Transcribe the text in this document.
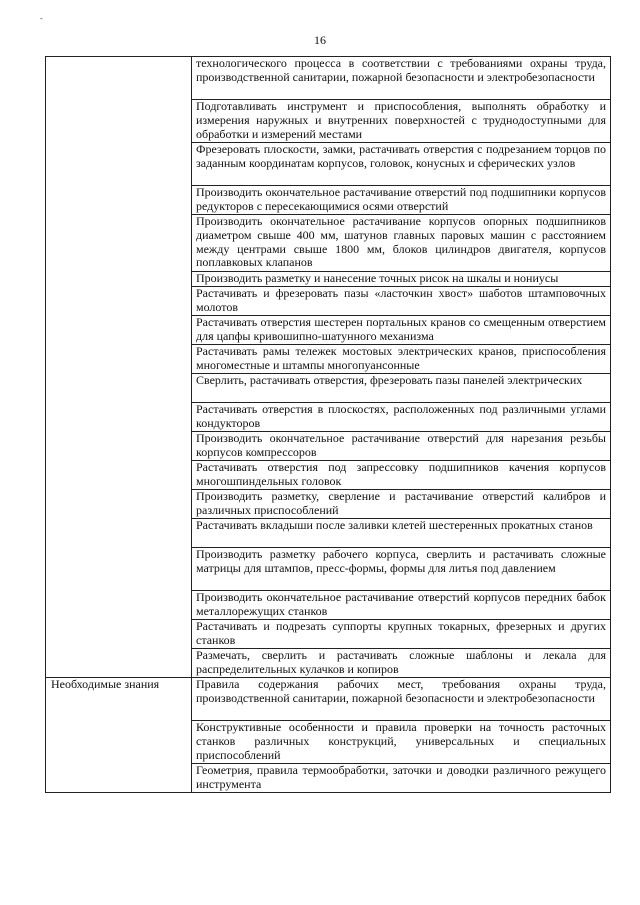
-
16

	технологического процесса в соответствии с требованиями охраны труда, производственной санитарии, пожарной безопасности и электробезопасности

	Подготавливать инструмент и приспособления, выполнять обработку и измерения наружных и внутренних поверхностей с труднодоступными для обработки и измерений местами

	Фрезеровать плоскости, замки, растачивать отверстия с подрезанием торцов по заданным координатам корпусов, головок, конусных и сферических узлов

	Производить окончательное растачивание отверстий под подшипники корпусов редукторов с пересекающимися осями отверстий

	Производить окончательное растачивание корпусов опорных подшипников диаметром свыше 400 мм, шатунов главных паровых машин с расстоянием между центрами свыше 1800 мм, блоков цилиндров двигателя, корпусов поплавковых клапанов

	Производить разметку и нанесение точных рисок на шкалы и нониусы

	Растачивать и фрезеровать пазы «ласточкин хвост» шаботов штамповочных молотов

	Растачивать отверстия шестерен портальных кранов со смещенным отверстием для цапфы кривошипно-шатунного механизма

	Растачивать рамы тележек мостовых электрических кранов, приспособления многоместные и штампы многопуансонные

	Сверлить, растачивать отверстия, фрезеровать пазы панелей электрических

	Растачивать отверстия в плоскостях, расположенных под различными углами кондукторов

	Производить окончательное растачивание отверстий для нарезания резьбы корпусов компрессоров

	Растачивать отверстия под запрессовку подшипников качения корпусов многошпиндельных головок

	Производить разметку, сверление и растачивание отверстий калибров и различных приспособлений

	Растачивать вкладыши после заливки клетей шестеренных прокатных станов

	Производить разметку рабочего корпуса, сверлить и растачивать сложные матрицы для штампов, пресс-формы, формы для литья под давлением

	Производить окончательное растачивание отверстий корпусов передних бабок металлорежущих станков

	Растачивать и подрезать суппорты крупных токарных, фрезерных и других станков

	Размечать, сверлить и растачивать сложные шаблоны и лекала для распределительных кулачков и копиров

Необходимые знания	Правила содержания рабочих мест, требования охраны труда, производственной санитарии, пожарной безопасности и электробезопасности

	Конструктивные особенности и правила проверки на точность расточных станков различных конструкций, универсальных и специальных приспособлений

	Геометрия, правила термообработки, заточки и доводки различного режущего инструмента
